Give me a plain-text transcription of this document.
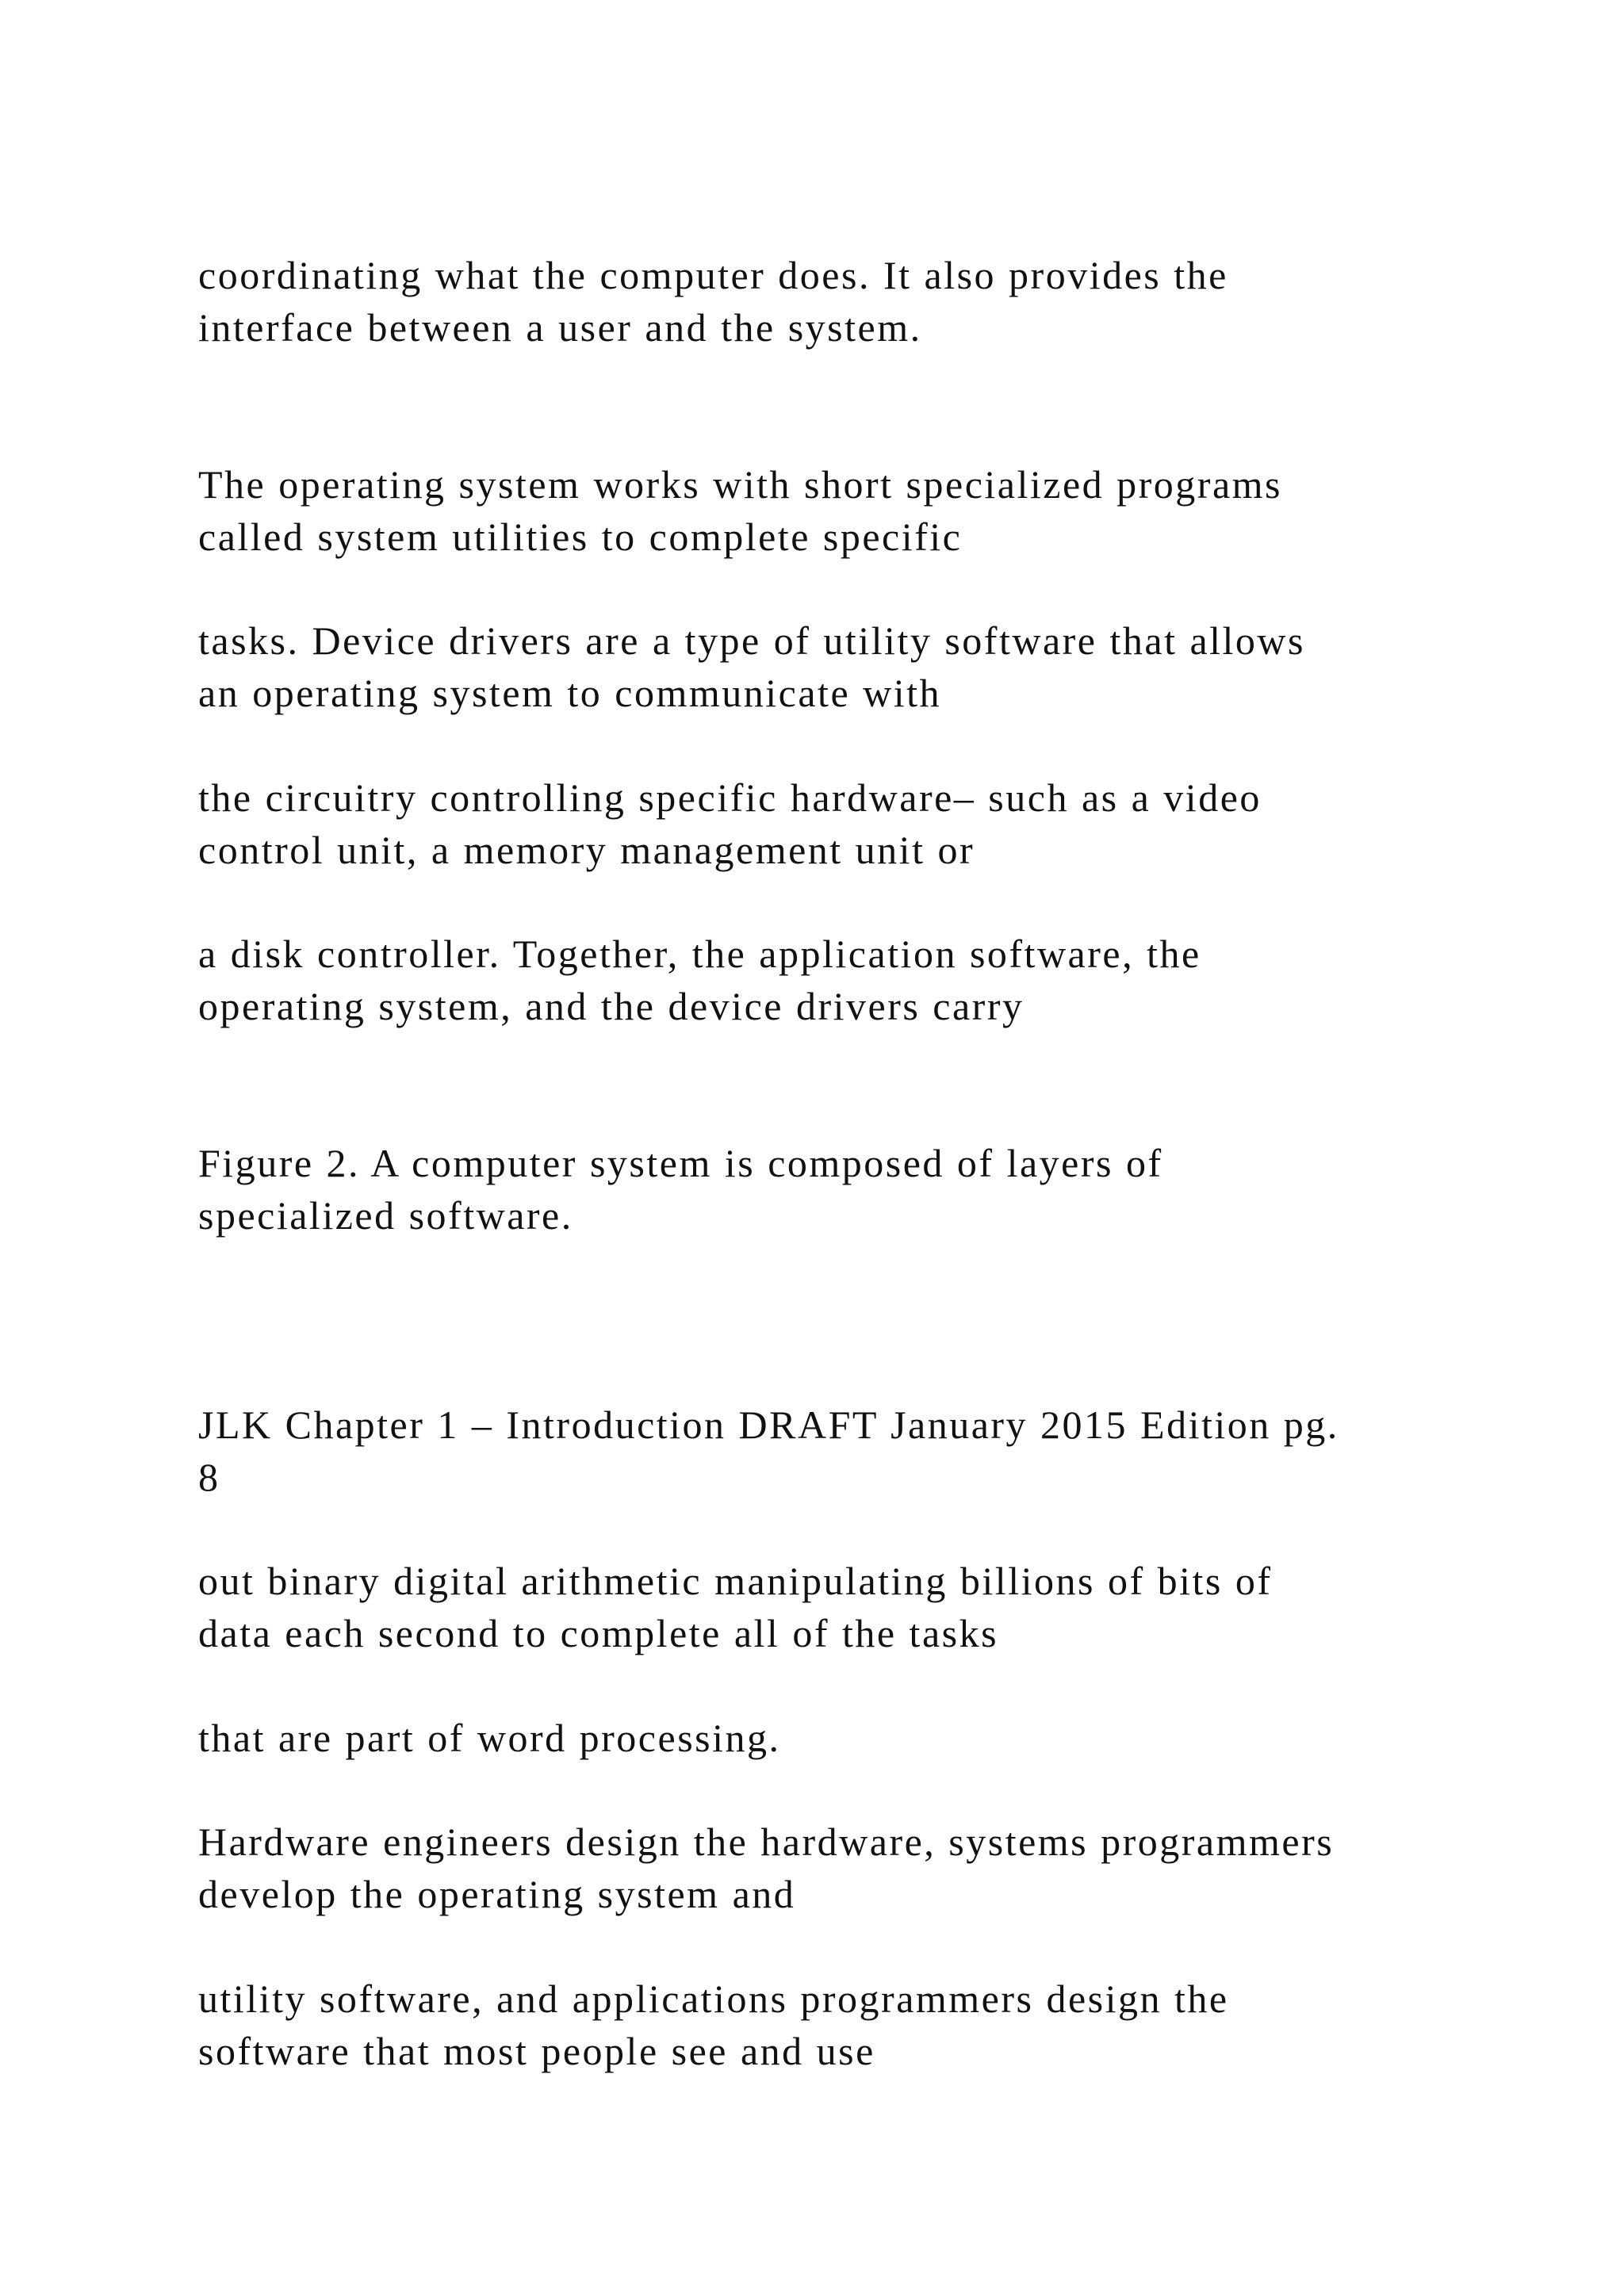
coordinating what the computer does. It also provides the
interface between a user and the system.
The operating system works with short specialized programs
called system utilities to complete specific
tasks. Device drivers are a type of utility software that allows
an operating system to communicate with
the circuitry controlling specific hardware– such as a video
control unit, a memory management unit or
a disk controller. Together, the application software, the
operating system, and the device drivers carry
Figure 2. A computer system is composed of layers of
specialized software.
JLK Chapter 1 – Introduction DRAFT January 2015 Edition pg.
8
out binary digital arithmetic manipulating billions of bits of
data each second to complete all of the tasks
that are part of word processing.
Hardware engineers design the hardware, systems programmers
develop the operating system and
utility software, and applications programmers design the
software that most people see and use
